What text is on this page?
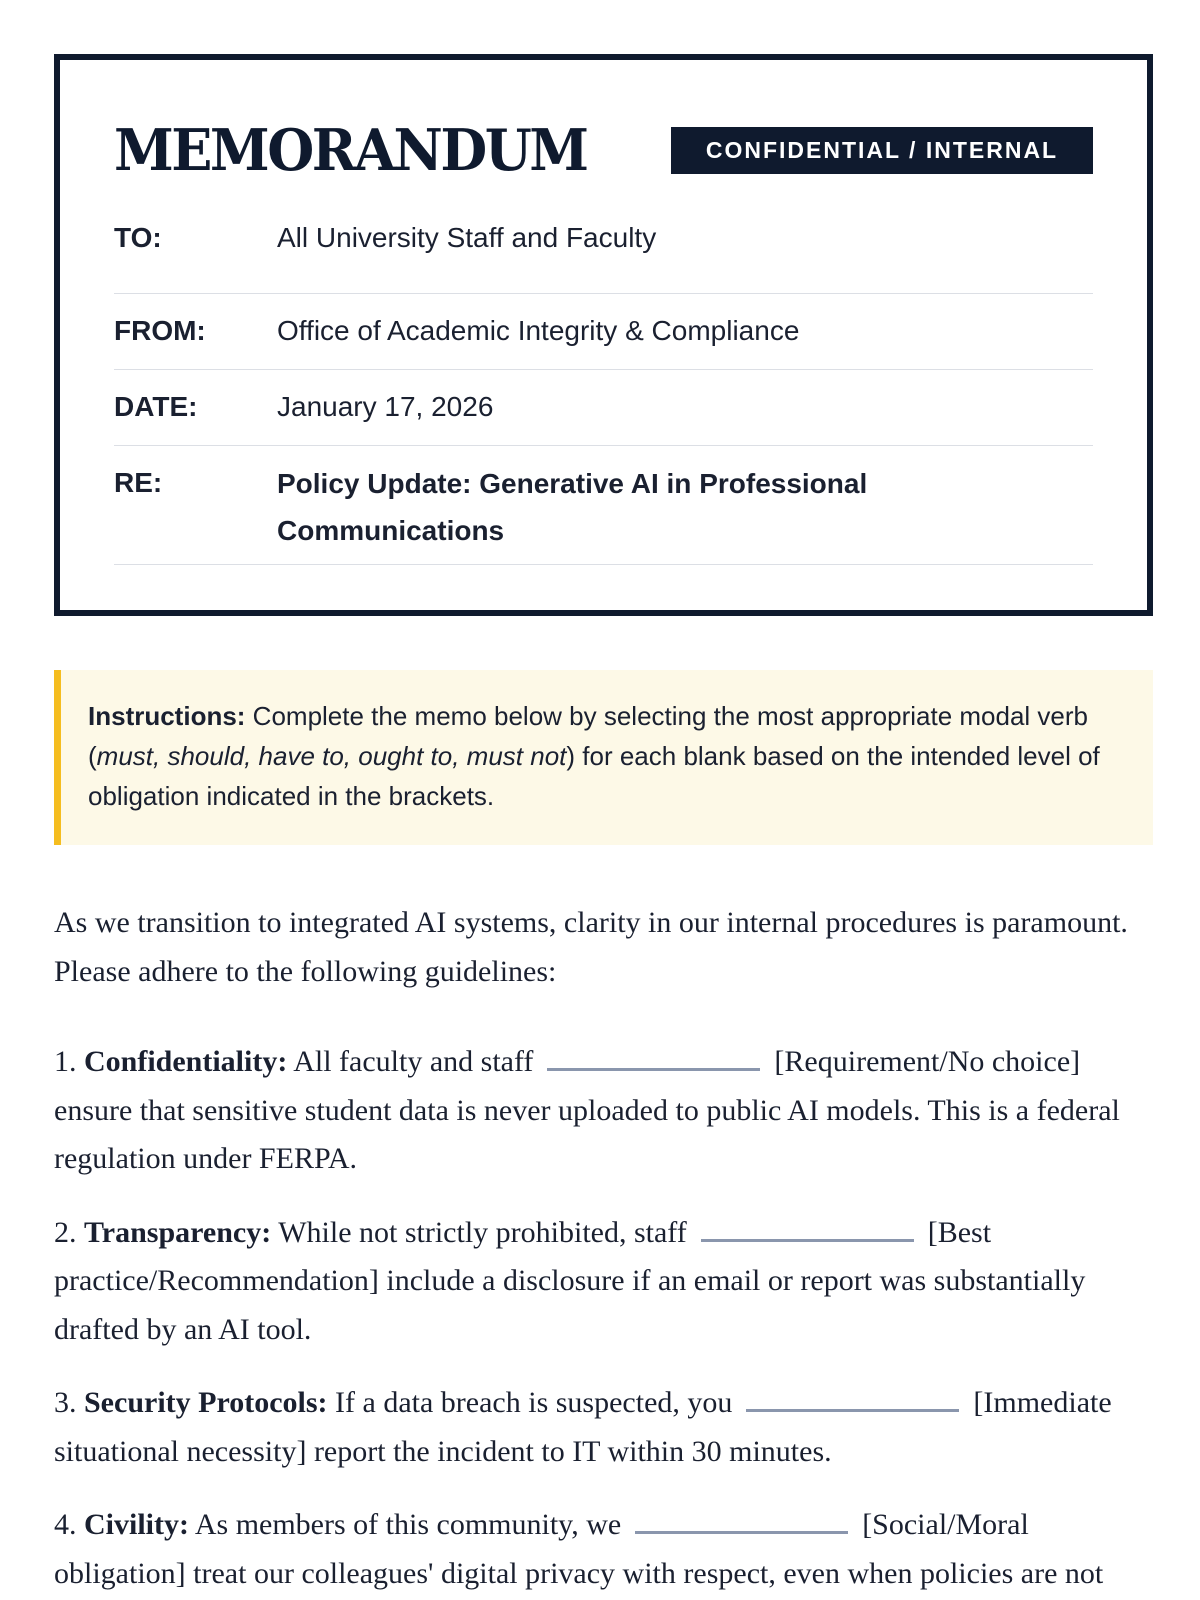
MEMORANDUM	CONFIDENTIAL / INTERNAL
TO:	All University Staff and Faculty
FROM:	Office of Academic Integrity & Compliance
DATE:	January 17, 2026
RE:	Policy Update: Generative AI in Professional Communications
Instructions: Complete the memo below by selecting the most appropriate modal verb (must, should, have to, ought to, must not) for each blank based on the intended level of obligation indicated in the brackets.
As we transition to integrated AI systems, clarity in our internal procedures is paramount. Please adhere to the following guidelines:
1. Confidentiality: All faculty and staff	[Requirement/No choice] ensure that sensitive student data is never uploaded to public AI models. This is a federal regulation under FERPA.
2. Transparency: While not strictly prohibited, staff	[Best practice/Recommendation] include a disclosure if an email or report was substantially drafted by an AI tool.
3. Security Protocols: If a data breach is suspected, you	[Immediate situational necessity] report the incident to IT within 30 minutes.
4. Civility: As members of this community, we	[Social/Moral obligation] treat our colleagues' digital privacy with respect, even when policies are not
